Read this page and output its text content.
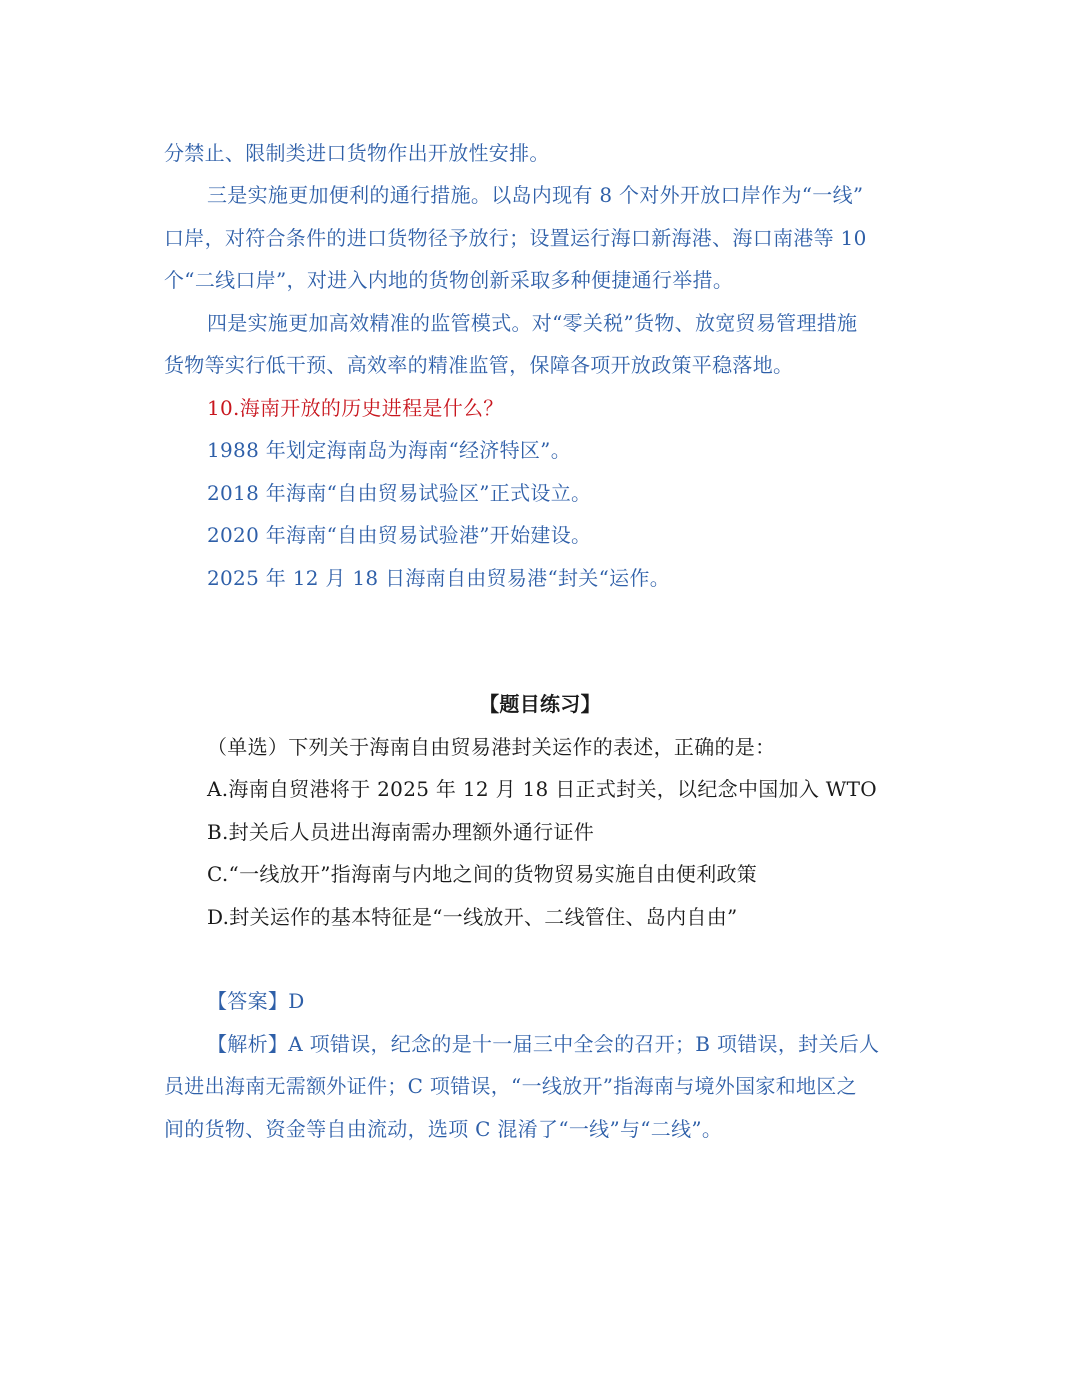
分禁止、限制类进口货物作出开放性安排。
三是实施更加便利的通行措施。以岛内现有 8 个对外开放口岸作为“一线”
口岸，对符合条件的进口货物径予放行；设置运行海口新海港、海口南港等 10
个“二线口岸”，对进入内地的货物创新采取多种便捷通行举措。
四是实施更加高效精准的监管模式。对“零关税”货物、放宽贸易管理措施
货物等实行低干预、高效率的精准监管，保障各项开放政策平稳落地。
10.海南开放的历史进程是什么？
1988 年划定海南岛为海南“经济特区”。
2018 年海南“自由贸易试验区”正式设立。
2020 年海南“自由贸易试验港”开始建设。
2025 年 12 月 18 日海南自由贸易港“封关“运作。
【题目练习】
（单选）下列关于海南自由贸易港封关运作的表述，正确的是：
A.海南自贸港将于 2025 年 12 月 18 日正式封关，以纪念中国加入 WTO
B.封关后人员进出海南需办理额外通行证件
C.“一线放开”指海南与内地之间的货物贸易实施自由便利政策
D.封关运作的基本特征是“一线放开、二线管住、岛内自由”
【答案】D
【解析】A 项错误，纪念的是十一届三中全会的召开；B 项错误，封关后人
员进出海南无需额外证件；C 项错误，“一线放开”指海南与境外国家和地区之
间的货物、资金等自由流动，选项 C 混淆了“一线”与“二线”。
